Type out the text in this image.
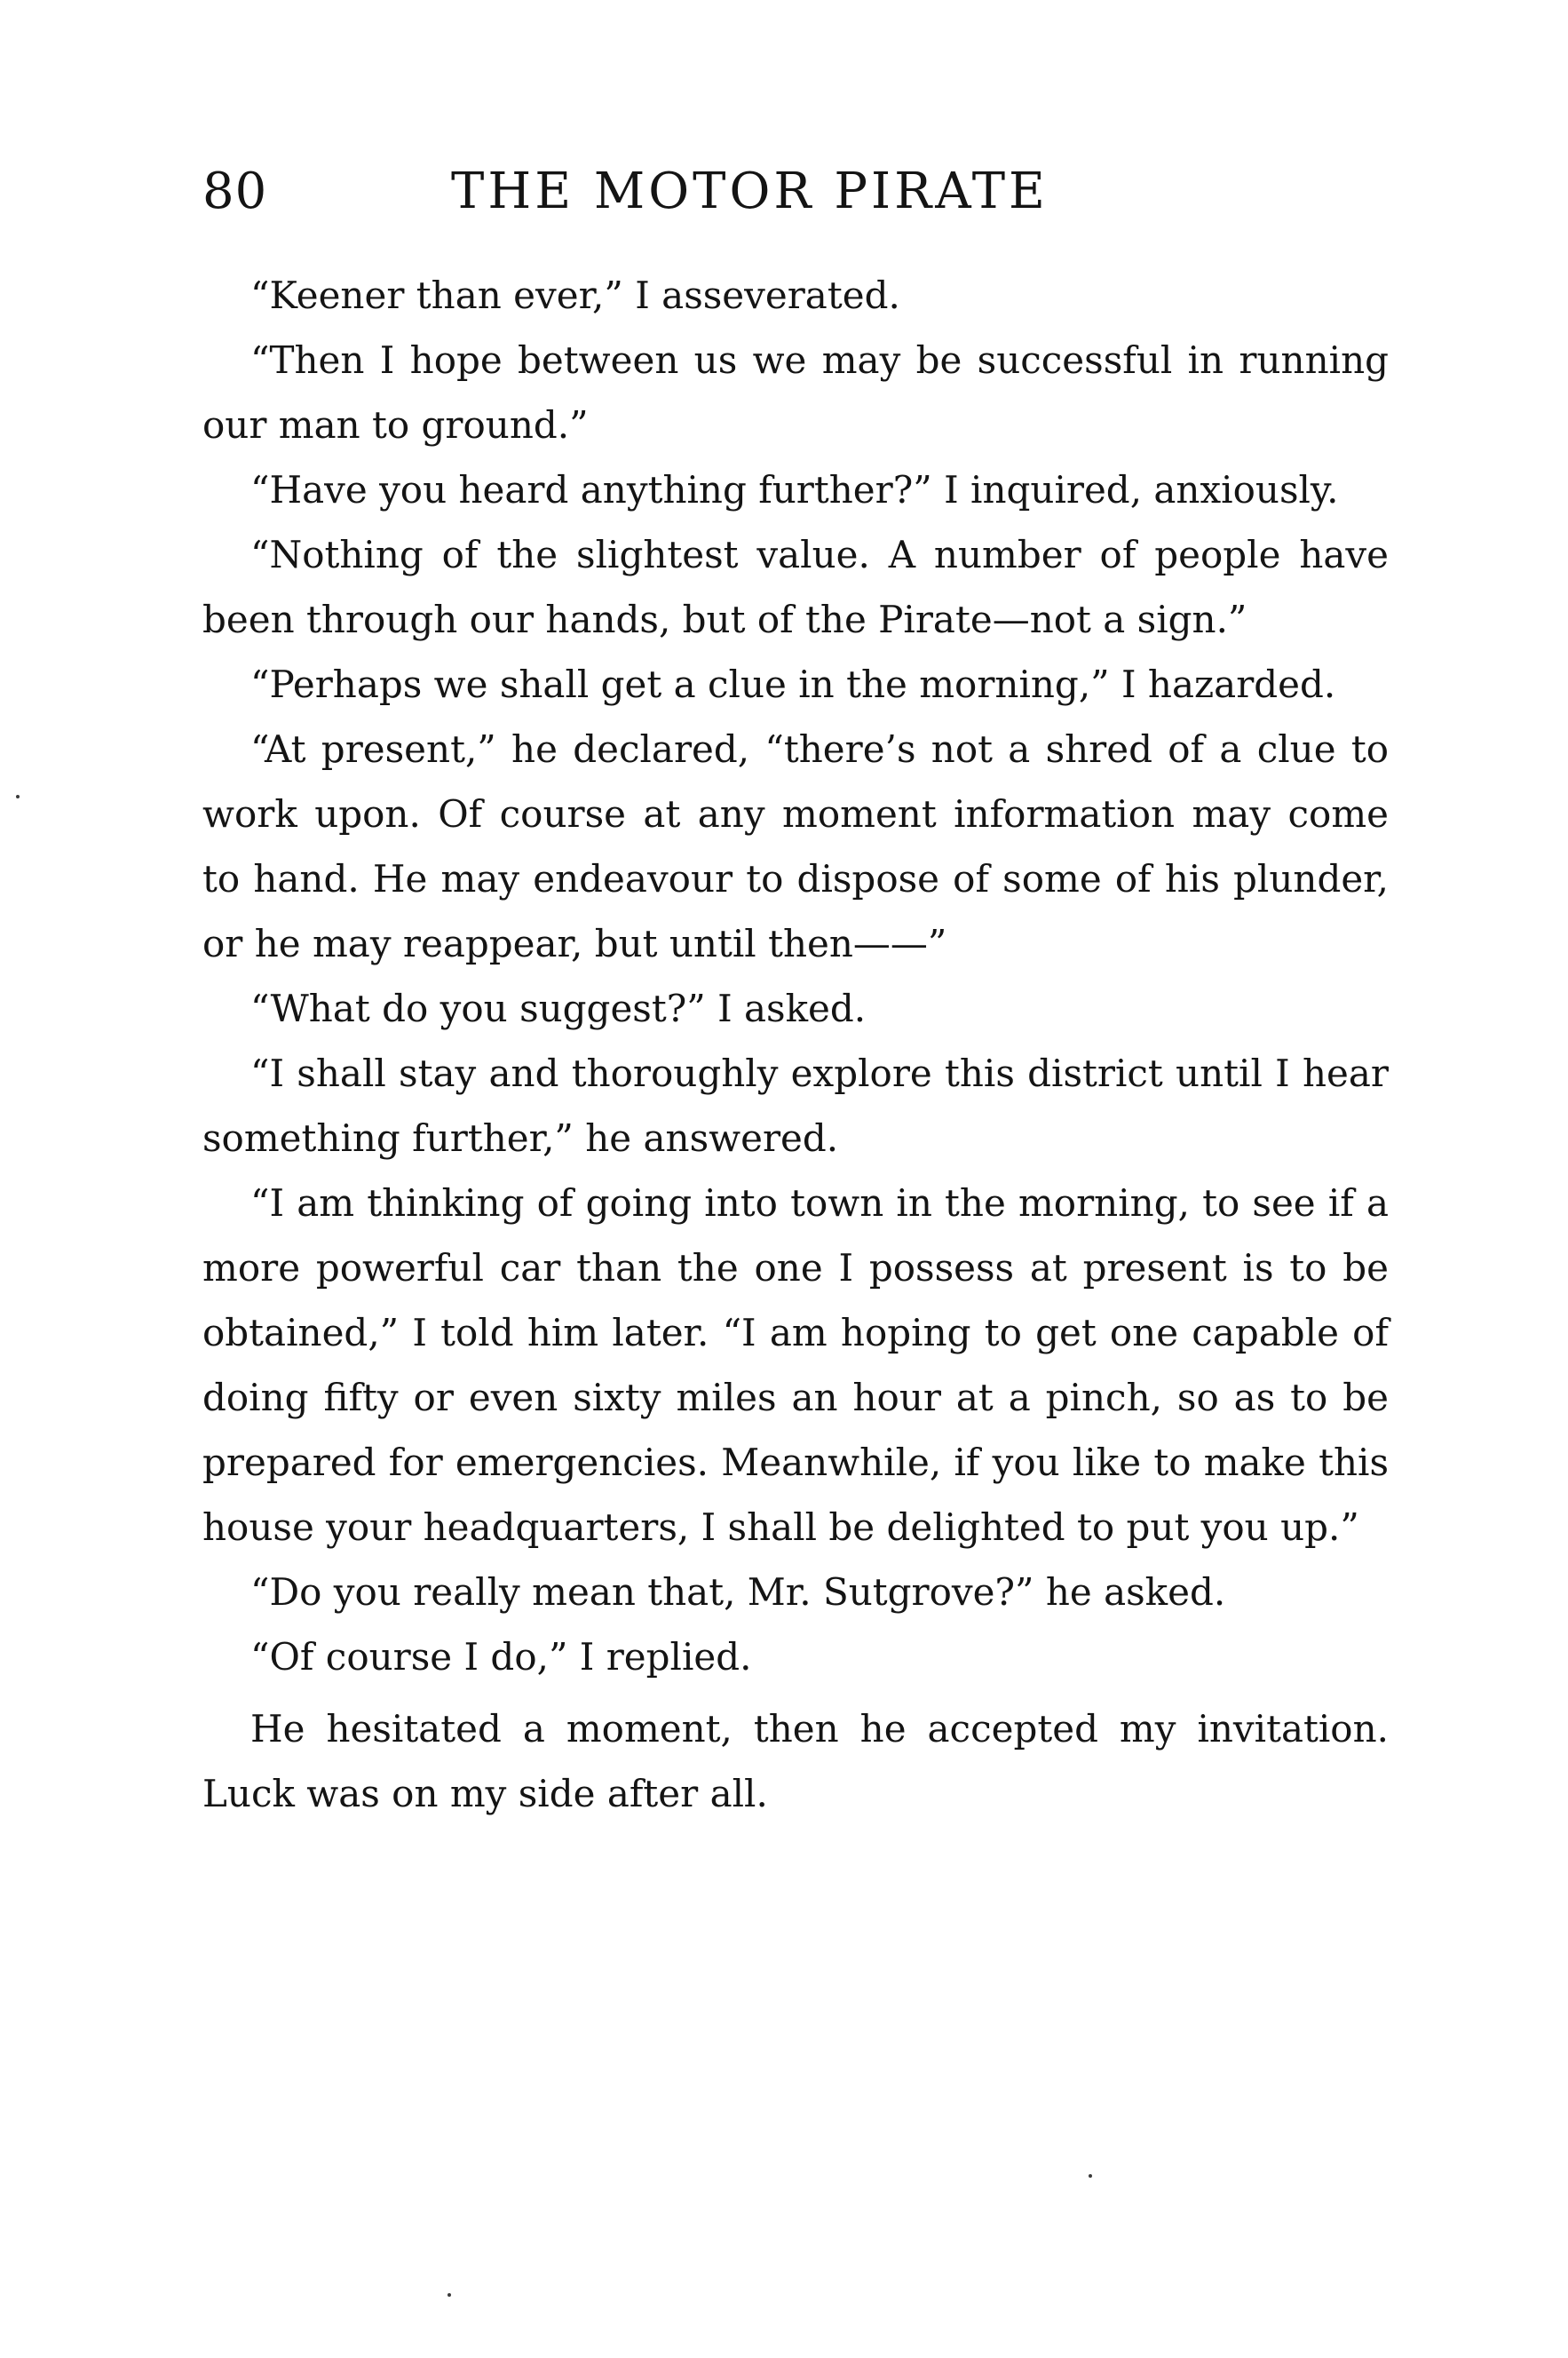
80	THE MOTOR PIRATE

“Keener than ever,” I asseverated.

“Then I hope between us we may be successful in running our man to ground.”

“Have you heard anything further?” I inquired, anxiously.

“Nothing of the slightest value. A number of people have been through our hands, but of the Pirate—not a sign.”

“Perhaps we shall get a clue in the morning,” I hazarded.

“At present,” he declared, “there’s not a shred of a clue to work upon. Of course at any moment information may come to hand. He may endeavour to dispose of some of his plunder, or he may reappear, but until then——”

“What do you suggest?” I asked.

“I shall stay and thoroughly explore this district until I hear something further,” he answered.

“I am thinking of going into town in the morning, to see if a more powerful car than the one I possess at present is to be obtained,” I told him later. “I am hoping to get one capable of doing fifty or even sixty miles an hour at a pinch, so as to be prepared for emergencies. Meanwhile, if you like to make this house your headquarters, I shall be delighted to put you up.”

“Do you really mean that, Mr. Sutgrove?” he asked.

“Of course I do,” I replied.

He hesitated a moment, then he accepted my invitation. Luck was on my side after all.
